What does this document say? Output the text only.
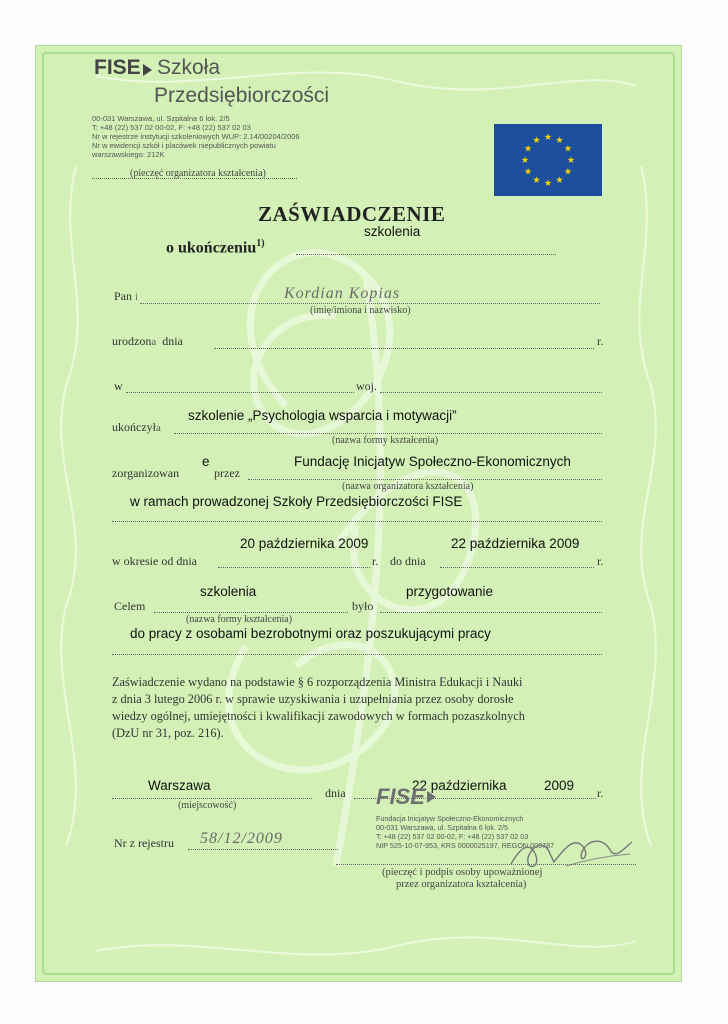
FISE Szkoła
Przedsiębiorczości
00-031 Warszawa, ul. Szpitalna 6 lok. 2/5
T: +48 (22) 537 02 00-02, F: +48 (22) 537 02 03
Nr w rejestrze instytucji szkoleniowych WUP: 2.14/00204/2006
Nr w ewidencji szkół i placówek niepublicznych powiatu
warszawskiego: 212K
(pieczęć organizatora kształcenia)
ZAŚWIADCZENIE
o ukończeniu$^{1)}$
szkolenia
Pan i	Kordian Kopias
(imię/imiona i nazwisko)
urodzona dnia	r.
w	woj.
ukończyła
szkolenie „Psychologia wsparcia i motywacji”
(nazwa formy kształcenia)
zorganizowan
e
przez
Fundację Inicjatyw Społeczno-Ekonomicznych
(nazwa organizatora kształcenia)
w ramach prowadzonej Szkoły Przedsiębiorczości FISE
20 października 2009	22 października 2009
w okresie od dnia	r. do dnia	r.
szkolenia	przygotowanie
Celem
(nazwa formy kształcenia)
było
do pracy z osobami bezrobotnymi oraz poszukującymi pracy
Zaświadczenie wydano na podstawie § 6 rozporządzenia Ministra Edukacji i Nauki
z dnia 3 lutego 2006 r. w sprawie uzyskiwania i uzupełniania przez osoby dorosłe
wiedzy ogólnej, umiejętności i kwalifikacji zawodowych w formach pozaszkolnych
(DzU nr 31, poz. 216).
Warszawa
(miejscowość)
dnia	r.
22 października	2009
FISE
Fundacja Inicjatyw Społeczno-Ekonomicznych
00-031 Warszawa, ul. Szpitalna 6 lok. 2/5
T: +48 (22) 537 02 00-02, F: +48 (22) 537 02 03
NIP 525-10-07-953, KRS 0000025197, REGON 000787
(pieczęć i podpis osoby upoważnionej
przez organizatora kształcenia)
Nr z rejestru 58/12/2009
